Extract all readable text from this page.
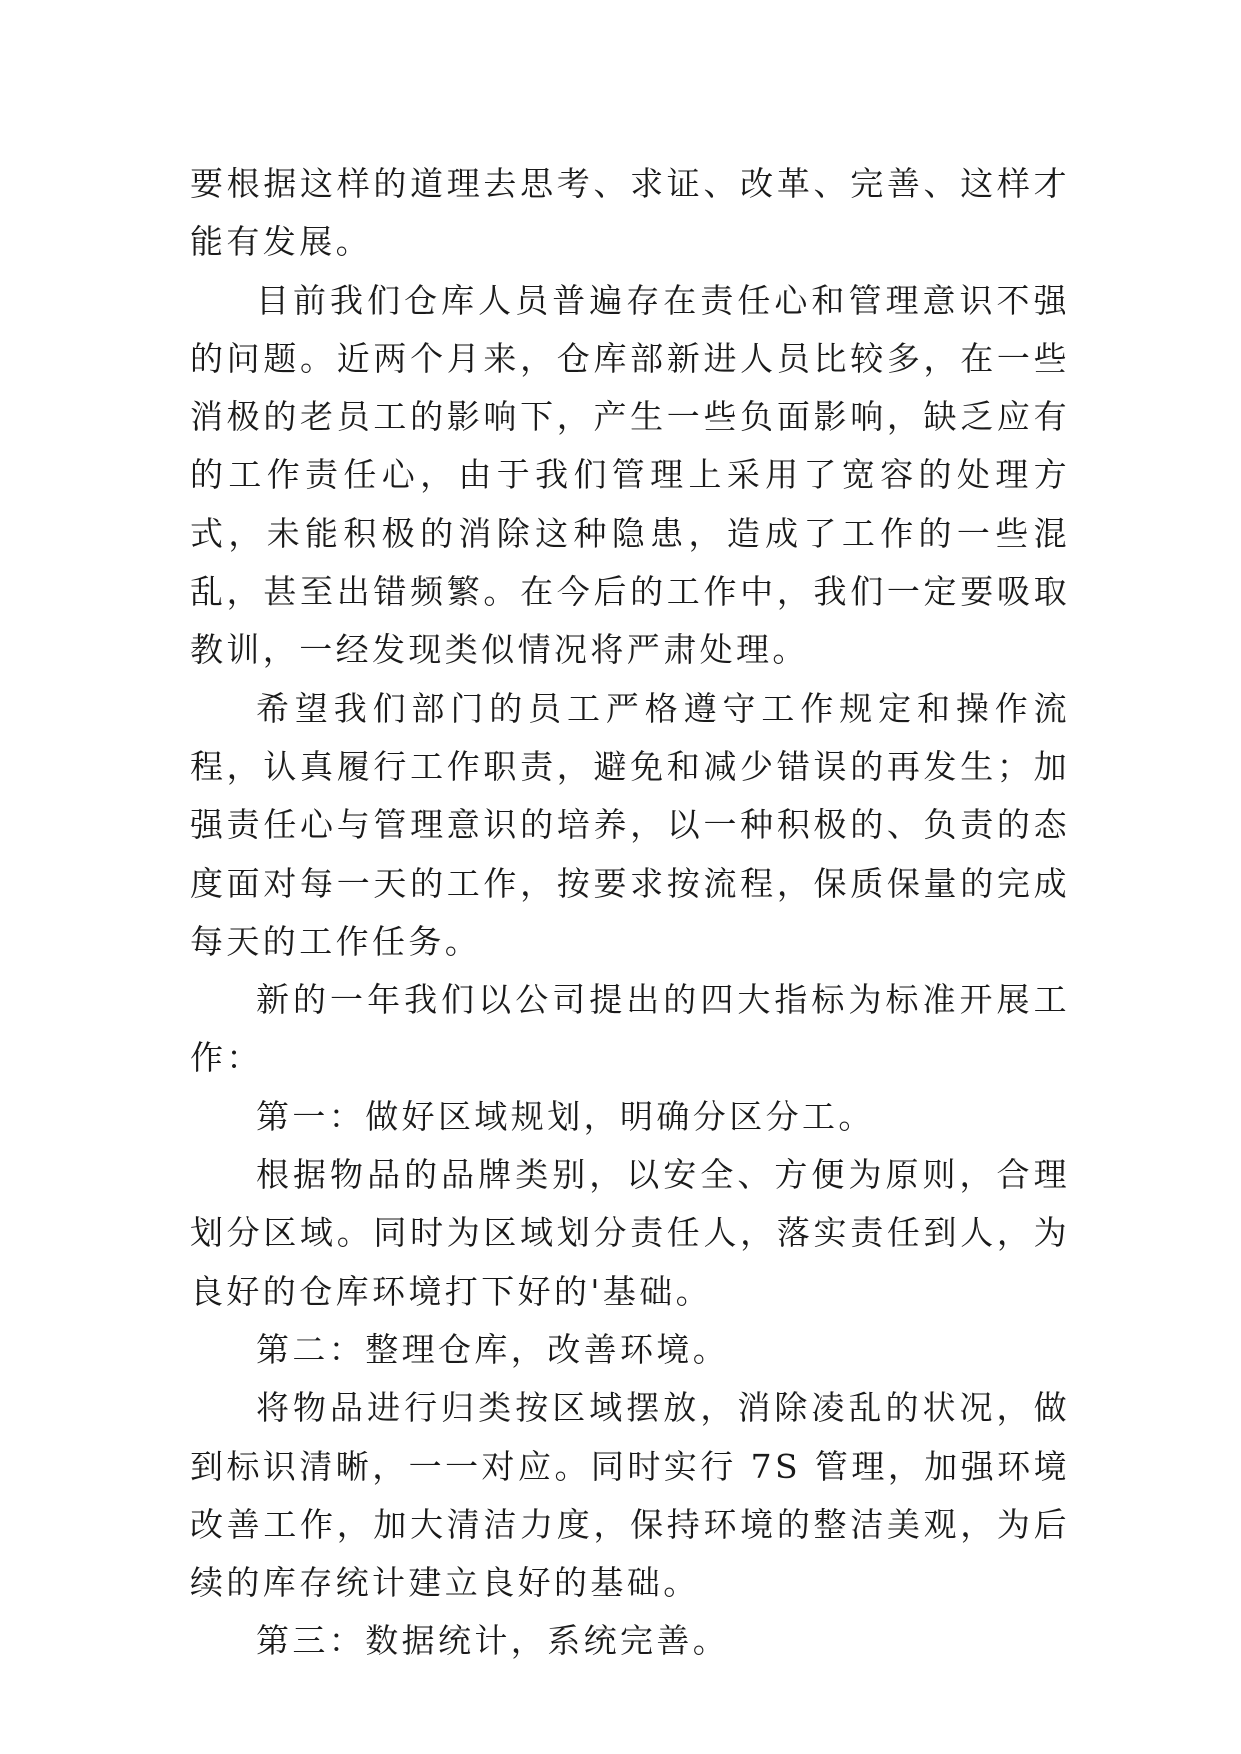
要根据这样的道理去思考、求证、改革、完善、这样才能有发展。

目前我们仓库人员普遍存在责任心和管理意识不强的问题。近两个月来，仓库部新进人员比较多，在一些消极的老员工的影响下，产生一些负面影响，缺乏应有的工作责任心，由于我们管理上采用了宽容的处理方式，未能积极的消除这种隐患，造成了工作的一些混乱，甚至出错频繁。在今后的工作中，我们一定要吸取教训，一经发现类似情况将严肃处理。

希望我们部门的员工严格遵守工作规定和操作流程，认真履行工作职责，避免和减少错误的再发生；加强责任心与管理意识的培养，以一种积极的、负责的态度面对每一天的工作，按要求按流程，保质保量的完成每天的工作任务。

新的一年我们以公司提出的四大指标为标准开展工作：

第一：做好区域规划，明确分区分工。

根据物品的品牌类别，以安全、方便为原则，合理划分区域。同时为区域划分责任人，落实责任到人，为良好的仓库环境打下好的'基础。

第二：整理仓库，改善环境。

将物品进行归类按区域摆放，消除凌乱的状况，做到标识清晰，一一对应。同时实行 7S 管理，加强环境改善工作，加大清洁力度，保持环境的整洁美观，为后续的库存统计建立良好的基础。

第三：数据统计，系统完善。
